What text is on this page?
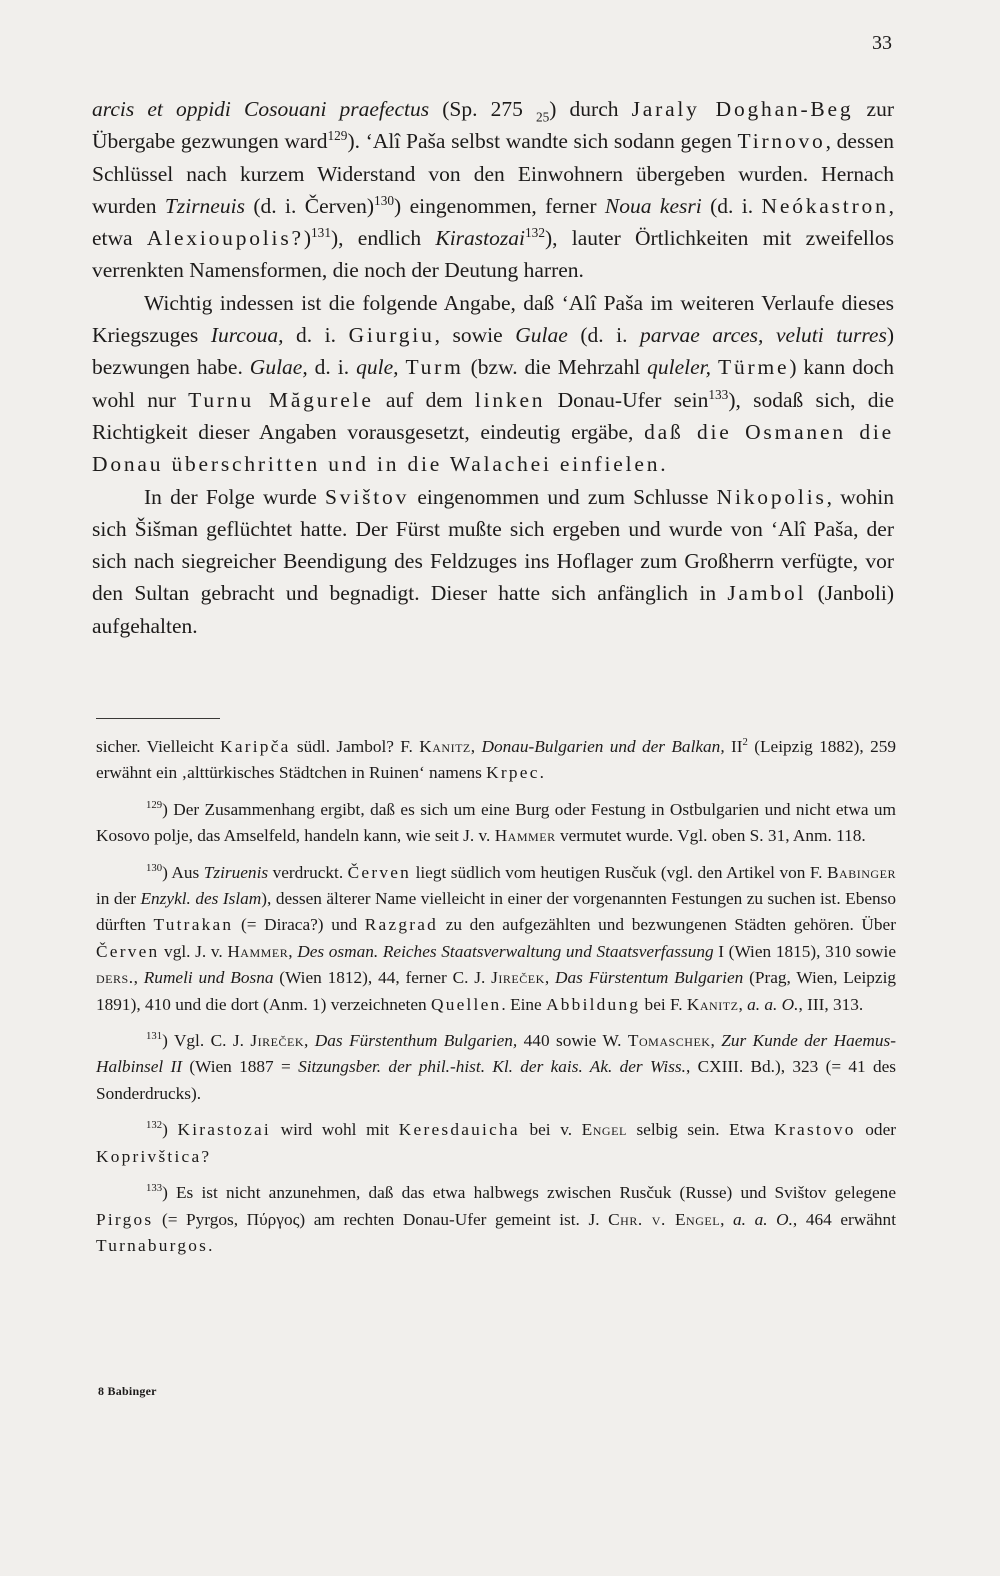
33

arcis et oppidi Cosouani praefectus (Sp. 275 $_{25}$) durch Jaraly Doghan-Beg zur Übergabe gezwungen ward$^{129}$). ‘Alî Paša selbst wandte sich sodann gegen Tirnovo, dessen Schlüssel nach kurzem Widerstand von den Einwohnern übergeben wurden. Hernach wurden Tzirneuis (d. i. Červen)$^{130}$) eingenommen, ferner Noua kesri (d. i. Neókastron, etwa Alexioupolis?)$^{131}$), endlich Kirastozai$^{132}$), lauter Örtlichkeiten mit zweifellos verrenkten Namensformen, die noch der Deutung harren.

Wichtig indessen ist die folgende Angabe, daß ‘Alî Paša im weiteren Verlaufe dieses Kriegszuges Iurcoua, d. i. Giurgiu, sowie Gulae (d. i. parvae arces, veluti turres) bezwungen habe. Gulae, d. i. qule, Turm (bzw. die Mehrzahl quleler, Türme) kann doch wohl nur Turnu Măgurele auf dem linken Donau-Ufer sein$^{133}$), sodaß sich, die Richtigkeit dieser Angaben vorausgesetzt, eindeutig ergäbe, daß die Osmanen die Donau überschritten und in die Walachei einfielen.

In der Folge wurde Svištov eingenommen und zum Schlusse Nikopolis, wohin sich Šišman geflüchtet hatte. Der Fürst mußte sich ergeben und wurde von ‘Alî Paša, der sich nach siegreicher Beendigung des Feldzuges ins Hoflager zum Großherrn verfügte, vor den Sultan gebracht und begnadigt. Dieser hatte sich anfänglich in Jambol (Janboli) aufgehalten.

sicher. Vielleicht Karipča südl. Jambol? F. Kanitz, Donau-Bulgarien und der Balkan, $II^2$ (Leipzig 1882), 259 erwähnt ein ‚alttürkisches Städtchen in Ruinen‘ namens Krpec.

$^{129}$) Der Zusammenhang ergibt, daß es sich um eine Burg oder Festung in Ostbulgarien und nicht etwa um Kosovo polje, das Amselfeld, handeln kann, wie seit J. v. Hammer vermutet wurde. Vgl. oben S. 31, Anm. 118.

$^{130}$) Aus Tziruenis verdruckt. Červen liegt südlich vom heutigen Rusčuk (vgl. den Artikel von F. Babinger in der Enzykl. des Islam), dessen älterer Name vielleicht in einer der vorgenannten Festungen zu suchen ist. Ebenso dürften Tutrakan (= Diraca?) und Razgrad zu den aufgezählten und bezwungenen Städten gehören. Über Červen vgl. J. v. Hammer, Des osman. Reiches Staatsverwaltung und Staatsverfassung I (Wien 1815), 310 sowie ders., Rumeli und Bosna (Wien 1812), 44, ferner C. J. Jireček, Das Fürstentum Bulgarien (Prag, Wien, Leipzig 1891), 410 und die dort (Anm. 1) verzeichneten Quellen. Eine Abbildung bei F. Kanitz, a. a. O., III, 313.

$^{131}$) Vgl. C. J. Jireček, Das Fürstenthum Bulgarien, 440 sowie W. Tomaschek, Zur Kunde der Haemus-Halbinsel II (Wien 1887 = Sitzungsber. der phil.-hist. Kl. der kais. Ak. der Wiss., CXIII. Bd.), 323 (= 41 des Sonderdrucks).

$^{132}$) Kirastozai wird wohl mit Keresdauicha bei v. Engel selbig sein. Etwa Krastovo oder Koprivštica?

$^{133}$) Es ist nicht anzunehmen, daß das etwa halbwegs zwischen Rusčuk (Russe) und Svištov gelegene Pirgos (= Pyrgos, Πύργος) am rechten Donau-Ufer gemeint ist. J. Chr. v. Engel, a. a. O., 464 erwähnt Turnaburgos.

8 Babinger
